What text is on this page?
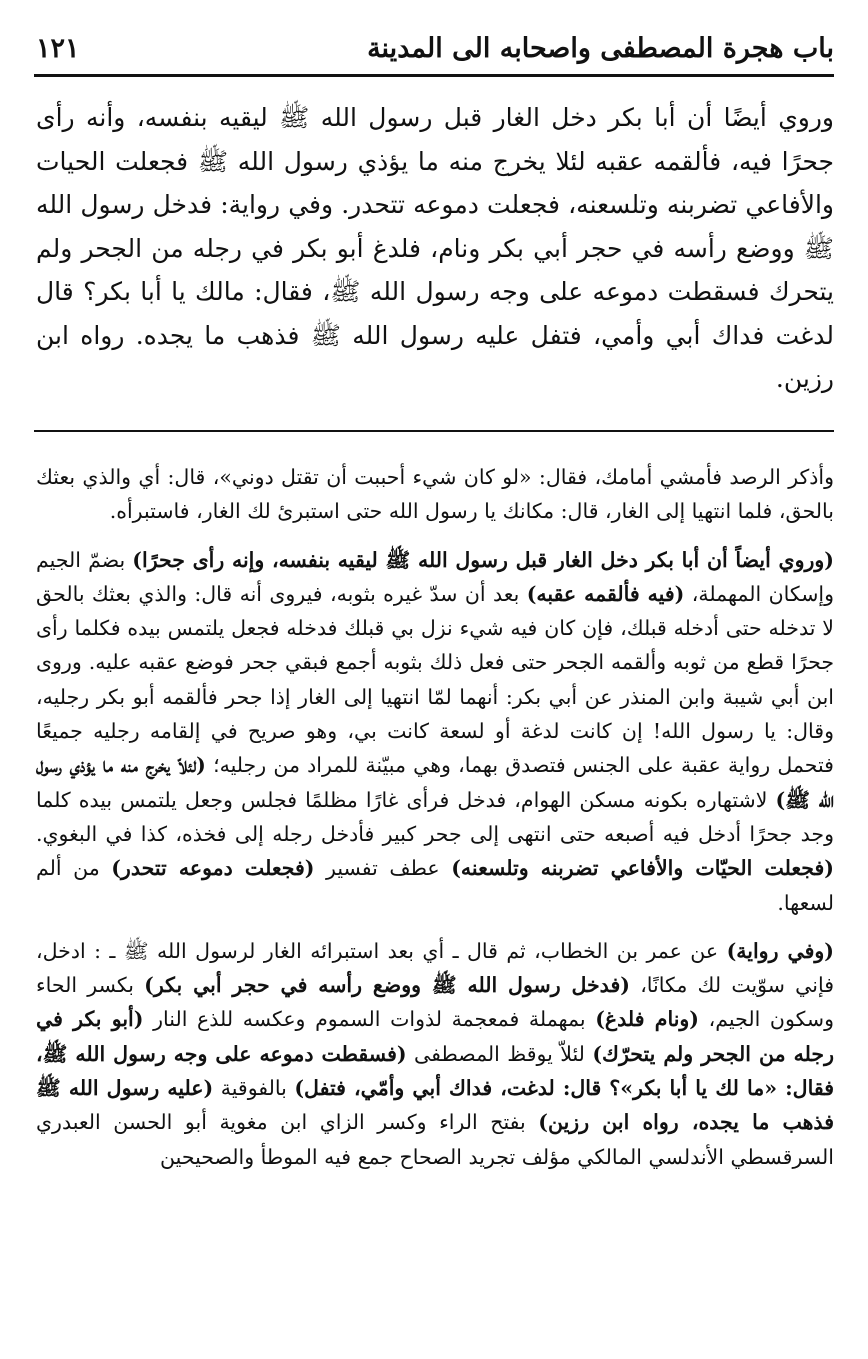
باب هجرة المصطفى واصحابه الى المدينة
١٢١

وروي أيضًا أن أبا بكر دخل الغار قبل رسول الله ﷺ ليقيه بنفسه، وأنه رأى جحرًا فيه، فألقمه عقبه لئلا يخرج منه ما يؤذي رسول الله ﷺ فجعلت الحيات والأفاعي تضربنه وتلسعنه، فجعلت دموعه تتحدر. وفي رواية: فدخل رسول الله ﷺ ووضع رأسه في حجر أبي بكر ونام، فلدغ أبو بكر في رجله من الجحر ولم يتحرك فسقطت دموعه على وجه رسول الله ﷺ، فقال: مالك يا أبا بكر؟ قال لدغت فداك أبي وأمي، فتفل عليه رسول الله ﷺ فذهب ما يجده. رواه ابن رزين.

وأذكر الرصد فأمشي أمامك، فقال: «لو كان شيء أحببت أن تقتل دوني»، قال: أي والذي بعثك بالحق، فلما انتهيا إلى الغار، قال: مكانك يا رسول الله حتى استبرئ لك الغار، فاستبرأه.

(وروي أيضاً أن أبا بكر دخل الغار قبل رسول الله ﷺ ليقيه بنفسه، وإنه رأى جحرًا) بضمّ الجيم وإسكان المهملة، (فيه فألقمه عقبه) بعد أن سدّ غيره بثوبه، فيروى أنه قال: والذي بعثك بالحق لا تدخله حتى أدخله قبلك، فإن كان فيه شيء نزل بي قبلك فدخله فجعل يلتمس بيده فكلما رأى جحرًا قطع من ثوبه وألقمه الجحر حتى فعل ذلك بثوبه أجمع فبقي جحر فوضع عقبه عليه. وروى ابن أبي شيبة وابن المنذر عن أبي بكر: أنهما لمّا انتهيا إلى الغار إذا جحر فألقمه أبو بكر رجليه، وقال: يا رسول الله! إن كانت لدغة أو لسعة كانت بي، وهو صريح في إلقامه رجليه جميعًا فتحمل رواية عقبة على الجنس فتصدق بهما، وهي مبيّنة للمراد من رجليه؛ (لئلاّ يخرج منه ما يؤذي رسول الله ﷺ) لاشتهاره بكونه مسكن الهوام، فدخل فرأى غارًا مظلمًا فجلس وجعل يلتمس بيده كلما وجد جحرًا أدخل فيه أصبعه حتى انتهى إلى جحر كبير فأدخل رجله إلى فخذه، كذا في البغوي. (فجعلت الحيّات والأفاعي تضربنه وتلسعنه) عطف تفسير (فجعلت دموعه تتحدر) من ألم لسعها.

(وفي رواية) عن عمر بن الخطاب، ثم قال ـ أي بعد استبرائه الغار لرسول الله ﷺ ـ : ادخل، فإني سوّيت لك مكانًا، (فدخل رسول الله ﷺ ووضع رأسه في حجر أبي بكر) بكسر الحاء وسكون الجيم، (ونام فلدغ) بمهملة فمعجمة لذوات السموم وعكسه للذع النار (أبو بكر في رجله من الجحر ولم يتحرّك) لئلاّ يوقظ المصطفى (فسقطت دموعه على وجه رسول الله ﷺ، فقال: «ما لك يا أبا بكر»؟ قال: لدغت، فداك أبي وأمّي، فتفل) بالفوقية (عليه رسول الله ﷺ فذهب ما يجده، رواه ابن رزين) بفتح الراء وكسر الزاي ابن مغوية أبو الحسن العبدري السرقسطي الأندلسي المالكي مؤلف تجريد الصحاح جمع فيه الموطأ والصحيحين
